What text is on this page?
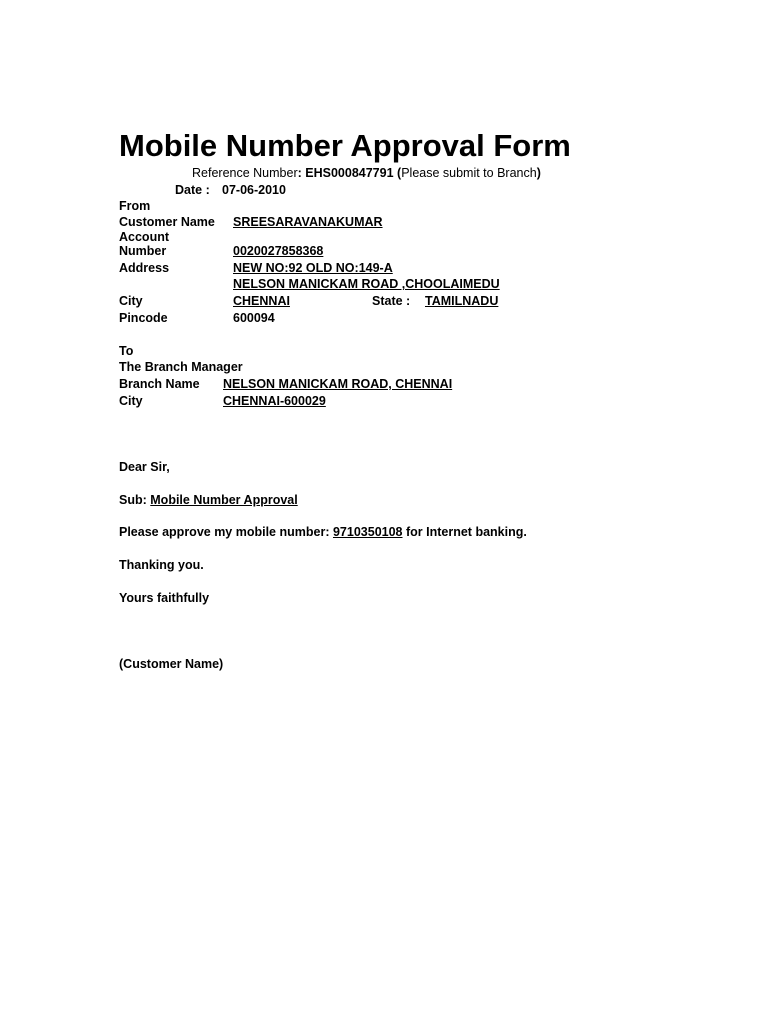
Mobile Number Approval Form
Reference Number: EHS000847791 (Please submit to Branch)
Date : 07-06-2010
From
Customer Name SREESARAVANAKUMAR
Account
Number	0020027858368
Address	NEW NO:92 OLD NO:149-A
NELSON MANICKAM ROAD ,CHOOLAIMEDU
City	CHENNAI	State : TAMILNADU
Pincode	600094
To
The Branch Manager
Branch Name NELSON MANICKAM ROAD, CHENNAI
City	CHENNAI-600029
Dear Sir,
Sub: Mobile Number Approval
Please approve my mobile number: 9710350108 for Internet banking.
Thanking you.
Yours faithfully
(Customer Name)
